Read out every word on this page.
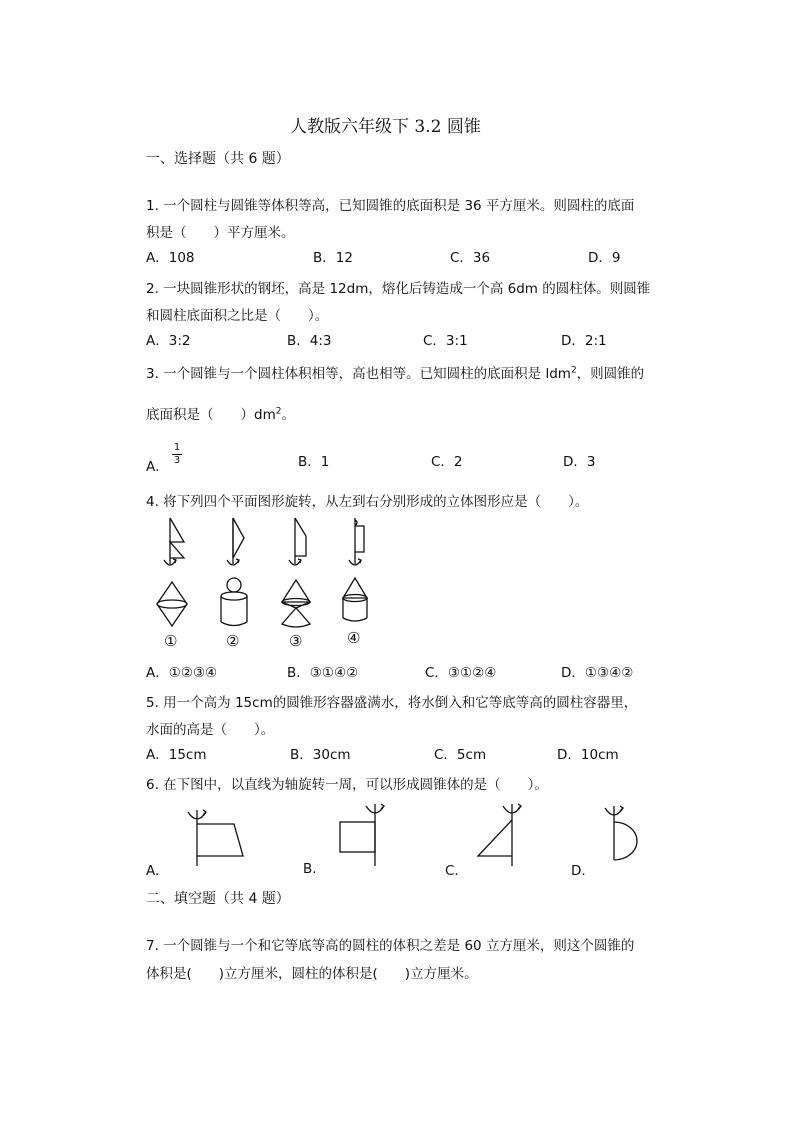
人教版六年级下 3.2 圆锥
一、选择题（共 6 题）
1. 一个圆柱与圆锥等体积等高，已知圆锥的底面积是 36 平方厘米。则圆柱的底面
积是（　　）平方厘米。
A．108	B．12	C．36	D．9
2. 一块圆锥形状的钢坯，高是 12dm，熔化后铸造成一个高 6dm 的圆柱体。则圆锥
和圆柱底面积之比是（　　）。
A．3:2	B．4:3	C．3:1	D．2:1
3. 一个圆锥与一个圆柱体积相等，高也相等。已知圆柱的底面积是 ldm$^2$，则圆锥的
底面积是（　　）$dm^2$。
A．
1
3	B．1	C．2	D．3
4. 将下列四个平面图形旋转，从左到右分别形成的立体图形应是（　　）。
①	②	③	④
A．①②③④	B．③①④②	C．③①②④	D．①③④②
5. 用一个高为 15cm的圆锥形容器盛满水，将水倒入和它等底等高的圆柱容器里，
水面的高是（　　）。
A．15cm	B．30cm	C．5cm	D．10cm
6. 在下图中，以直线为轴旋转一周，可以形成圆锥体的是（　　）。
A.	B.	C.	D.
二、填空题（共 4 题）
7. 一个圆锥与一个和它等底等高的圆柱的体积之差是 60 立方厘米，则这个圆锥的
体积是(　　)立方厘米，圆柱的体积是(　　)立方厘米。
